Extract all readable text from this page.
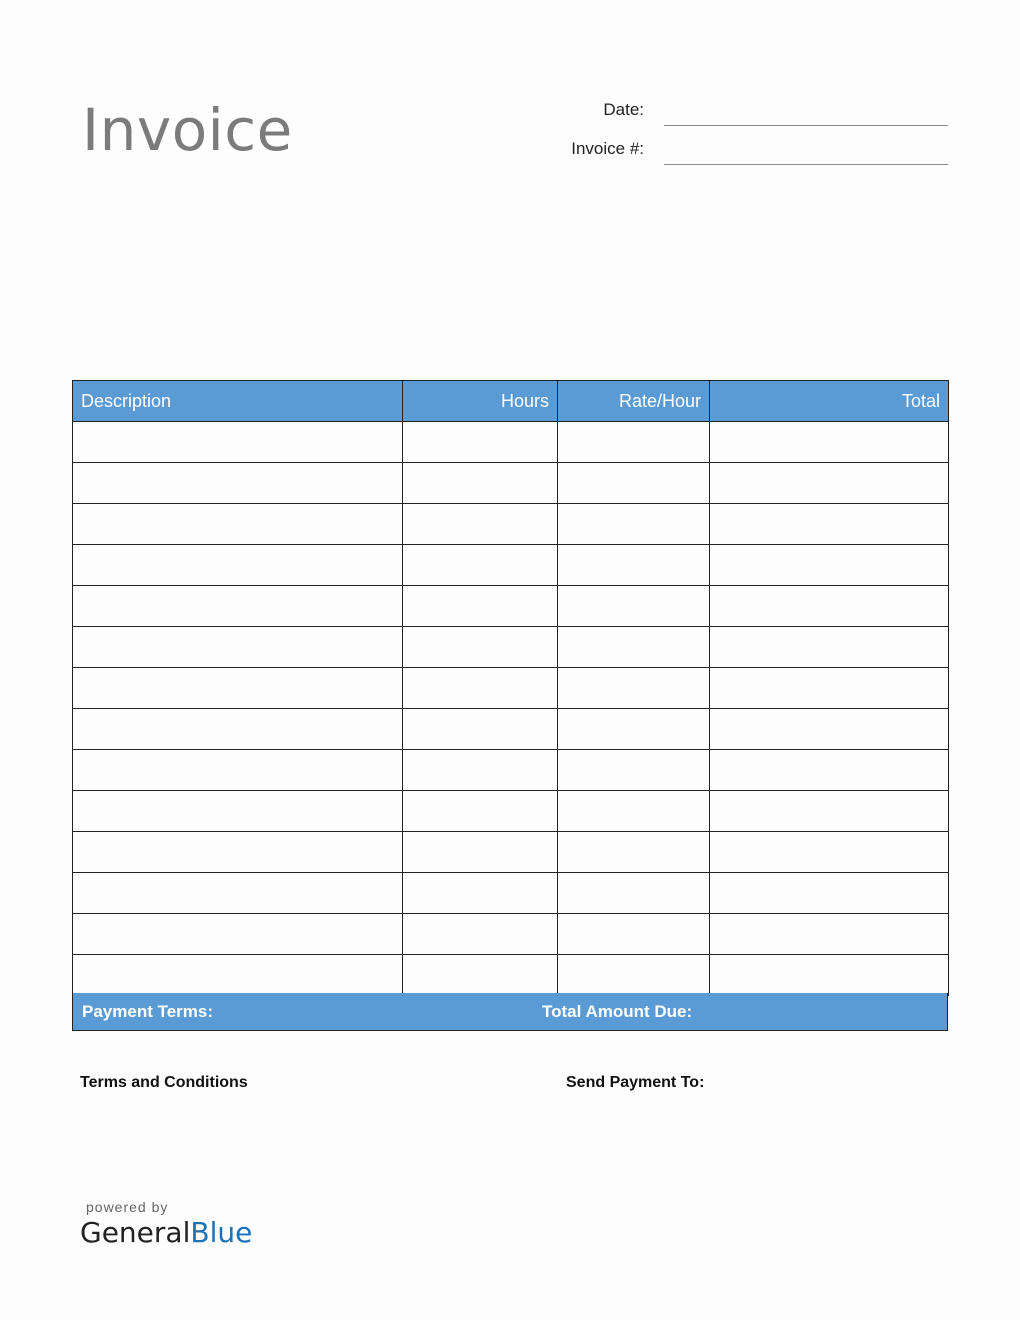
Invoice	Date:
Invoice #:
Description	Hours	Rate/Hour	Total

Payment Terms:	Total Amount Due:
Terms and Conditions	Send Payment To:
powered by
GeneralBlue
